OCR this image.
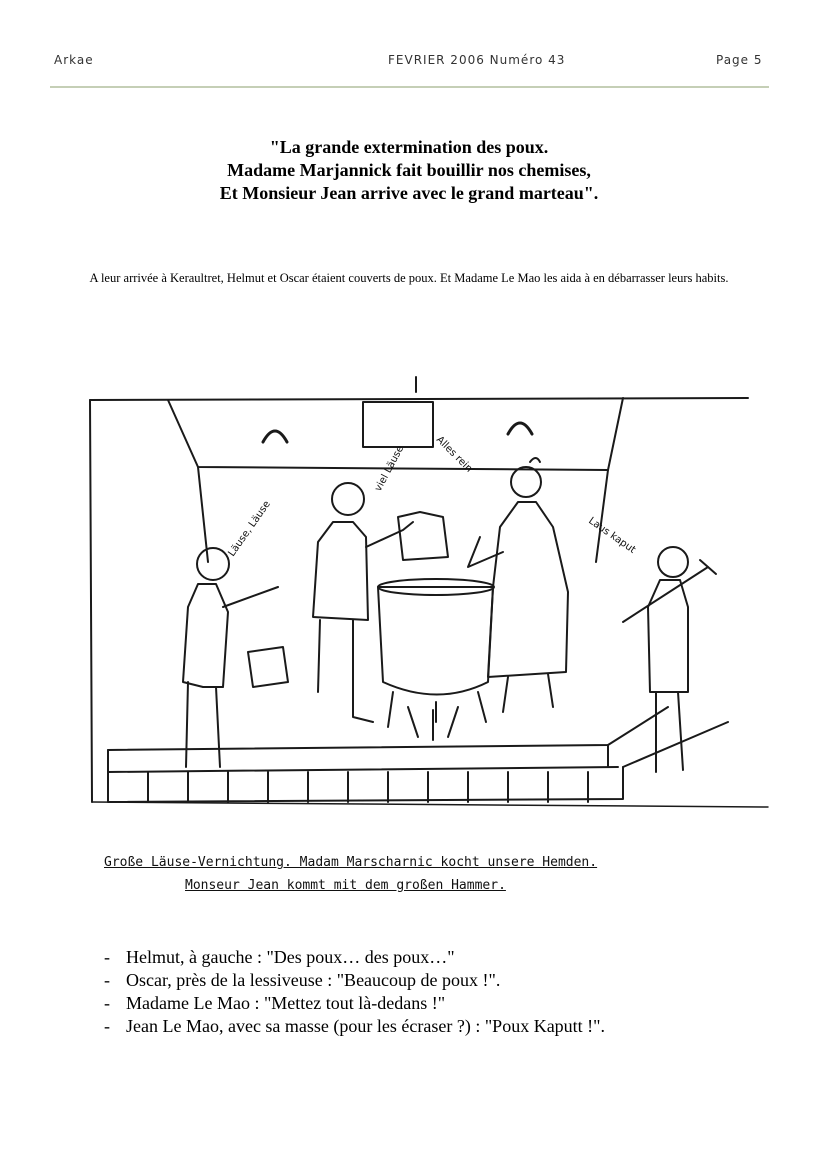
Arkae	FEVRIER 2006 Numéro 43	Page 5
"La grande extermination des poux.
Madame Marjannick fait bouillir nos chemises,
Et Monsieur Jean arrive avec le grand marteau".
A leur arrivée à Keraultret, Helmut et Oscar étaient couverts de poux. Et Madame Le Mao les aida à en débarrasser leurs habits.
Läuse, Läuse
viel Läuse	Alles rein
Laus kaput
Große Läuse-Vernichtung. Madam Marscharnic kocht unsere Hemden.
Monseur Jean kommt mit dem großen Hammer.
- Helmut, à gauche : "Des poux… des poux…"
- Oscar, près de la lessiveuse : "Beaucoup de poux !".
- Madame Le Mao : "Mettez tout là-dedans !"
- Jean Le Mao, avec sa masse (pour les écraser ?) : "Poux Kaputt !".
